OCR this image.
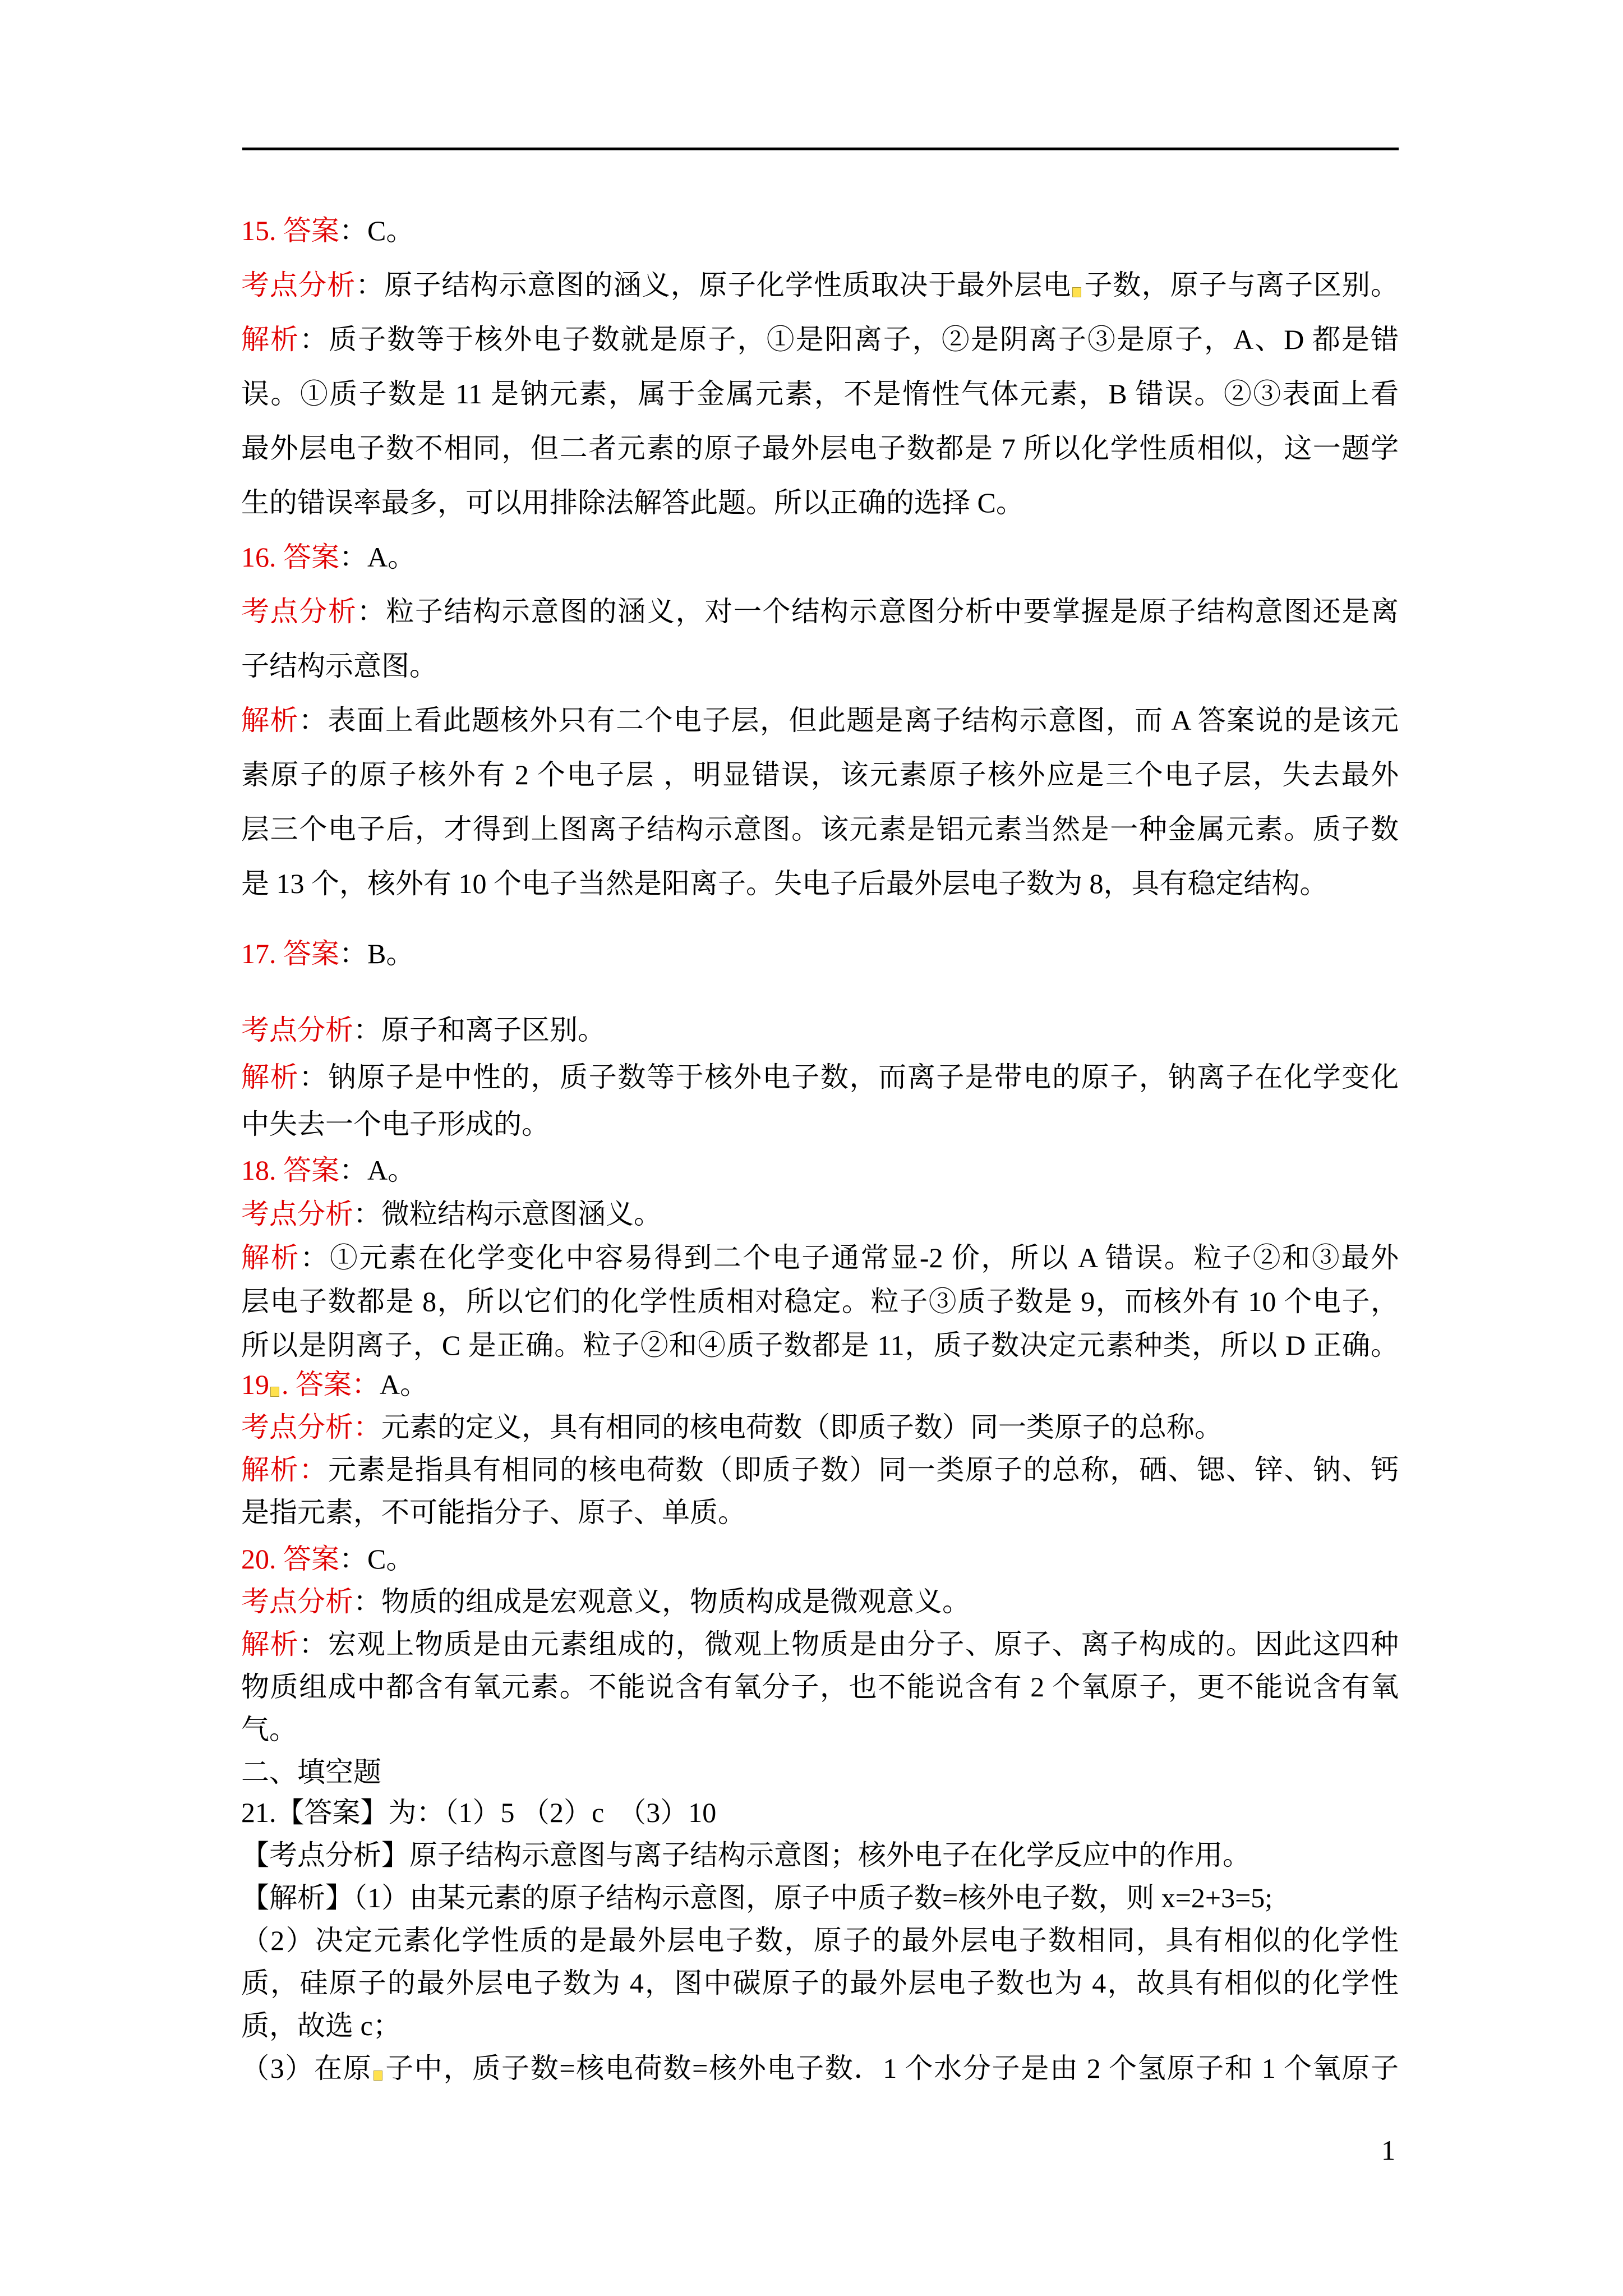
15. 答案：C。
考点分析：原子结构示意图的涵义，原子化学性质取决于最外层电 子数，原子与离子区别。
解析：质子数等于核外电子数就是原子，①是阳离子，②是阴离子③是原子，A、D 都是错
误。①质子数是 11 是钠元素，属于金属元素，不是惰性气体元素，B 错误。②③表面上看
最外层电子数不相同，但二者元素的原子最外层电子数都是 7 所以化学性质相似，这一题学
生的错误率最多，可以用排除法解答此题。所以正确的选择 C。
16. 答案：A。
考点分析：粒子结构示意图的涵义，对一个结构示意图分析中要掌握是原子结构意图还是离
子结构示意图。
解析：表面上看此题核外只有二个电子层，但此题是离子结构示意图，而 A 答案说的是该元
素原子的原子核外有 2 个电子层 ，明显错误，该元素原子核外应是三个电子层，失去最外
层三个电子后，才得到上图离子结构示意图。该元素是铝元素当然是一种金属元素。质子数
是 13 个，核外有 10 个电子当然是阳离子。失电子后最外层电子数为 8，具有稳定结构。
17. 答案：B。
考点分析：原子和离子区别。
解析：钠原子是中性的，质子数等于核外电子数，而离子是带电的原子，钠离子在化学变化
中失去一个电子形成的。
18. 答案：A。
考点分析：微粒结构示意图涵义。
解析：①元素在化学变化中容易得到二个电子通常显-2 价，所以 A 错误。粒子②和③最外
层电子数都是 8，所以它们的化学性质相对稳定。粒子③质子数是 9，而核外有 10 个电子，
所以是阴离子，C 是正确。粒子②和④质子数都是 11，质子数决定元素种类，所以 D 正确。
19 . 答案：A。
考点分析：元素的定义，具有相同的核电荷数（即质子数）同一类原子的总称。
解析：元素是指具有相同的核电荷数（即质子数）同一类原子的总称，硒、锶、锌、钠、钙
是指元素，不可能指分子、原子、单质。
20. 答案：C。
考点分析：物质的组成是宏观意义，物质构成是微观意义。
解析：宏观上物质是由元素组成的，微观上物质是由分子、原子、离子构成的。因此这四种
物质组成中都含有氧元素。不能说含有氧分子，也不能说含有 2 个氧原子，更不能说含有氧
气。
二、填空题
21.【答案】为：（1）5 （2）c　（3）10
【考点分析】原子结构示意图与离子结构示意图；核外电子在化学反应中的作用。
【解析】（1）由某元素的原子结构示意图，原子中质子数=核外电子数，则 x=2+3=5;
（2）决定元素化学性质的是最外层电子数，原子的最外层电子数相同，具有相似的化学性
质，硅原子的最外层电子数为 4，图中碳原子的最外层电子数也为 4，故具有相似的化学性
质，故选 c；
（3）在原 子中，质子数=核电荷数=核外电子数．1 个水分子是由 2 个氢原子和 1 个氧原子
1
